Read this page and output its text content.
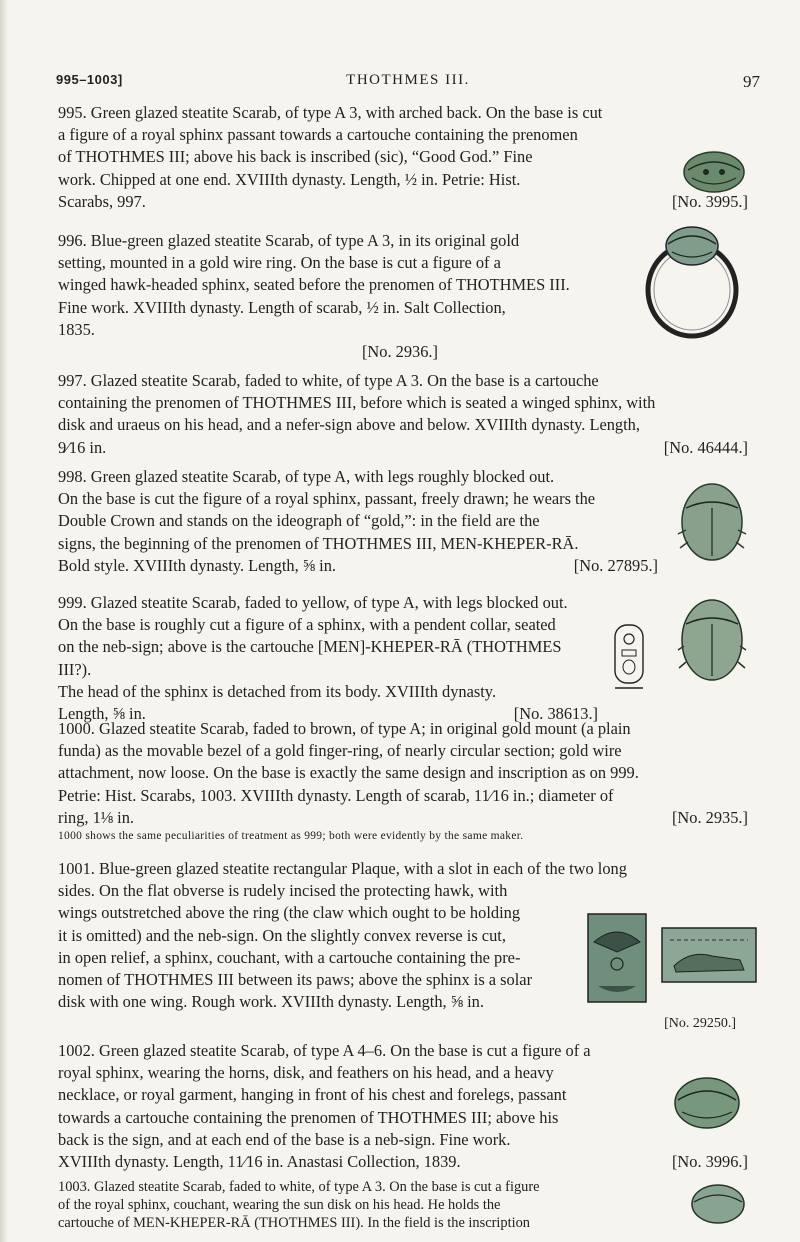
995–1003]	THOTHMES III.	97
995. Green glazed steatite Scarab, of type A 3, with arched back. On the base is cut
a figure of a royal sphinx passant towards a cartouche containing the prenomen
of THOTHMES III; above his back is inscribed (sic), “Good God.” Fine
work. Chipped at one end. XVIIIth dynasty. Length, ½ in. Petrie: Hist.
Scarabs, 997.	[No. 3995.]
996. Blue-green glazed steatite Scarab, of type A 3, in its original gold
setting, mounted in a gold wire ring. On the base is cut a figure of a
winged hawk-headed sphinx, seated before the prenomen of THOTHMES III.
Fine work. XVIIIth dynasty. Length of scarab, ½ in. Salt Collection,
1835.
[No. 2936.]
997. Glazed steatite Scarab, faded to white, of type A 3. On the base is a cartouche
containing the prenomen of THOTHMES III, before which is seated a winged sphinx, with
disk and uraeus on his head, and a nefer-sign above and below. XVIIIth dynasty. Length,
9⁄16 in.	[No. 46444.]
998. Green glazed steatite Scarab, of type A, with legs roughly blocked out.
On the base is cut the figure of a royal sphinx, passant, freely drawn; he wears the
Double Crown and stands on the ideograph of “gold,”: in the field are the
signs, the beginning of the prenomen of THOTHMES III, MEN-KHEPER-RĀ.
Bold style. XVIIIth dynasty. Length, ⅝ in.	[No. 27895.]
999. Glazed steatite Scarab, faded to yellow, of type A, with legs blocked out.
On the base is roughly cut a figure of a sphinx, with a pendent collar, seated
on the neb-sign; above is the cartouche [MEN]-KHEPER-RĀ (THOTHMES III?).
The head of the sphinx is detached from its body. XVIIIth dynasty.
Length, ⅝ in.	[No. 38613.]
1000. Glazed steatite Scarab, faded to brown, of type A; in original gold mount (a plain
funda) as the movable bezel of a gold finger-ring, of nearly circular section; gold wire
attachment, now loose. On the base is exactly the same design and inscription as on 999.
Petrie: Hist. Scarabs, 1003. XVIIIth dynasty. Length of scarab, 11⁄16 in.; diameter of
ring, 1⅛ in.	[No. 2935.]
1000 shows the same peculiarities of treatment as 999; both were evidently by the same maker.
1001. Blue-green glazed steatite rectangular Plaque, with a slot in each of the two long
sides. On the flat obverse is rudely incised the protecting hawk, with
wings outstretched above the ring (the claw which ought to be holding
it is omitted) and the neb-sign. On the slightly convex reverse is cut,
in open relief, a sphinx, couchant, with a cartouche containing the pre-
nomen of THOTHMES III between its paws; above the sphinx is a solar
disk with one wing. Rough work. XVIIIth dynasty. Length, ⅝ in.
[No. 29250.]
1002. Green glazed steatite Scarab, of type A 4–6. On the base is cut a figure of a
royal sphinx, wearing the horns, disk, and feathers on his head, and a heavy
necklace, or royal garment, hanging in front of his chest and forelegs, passant
towards a cartouche containing the prenomen of THOTHMES III; above his
back is the sign, and at each end of the base is a neb-sign. Fine work.
XVIIIth dynasty. Length, 11⁄16 in. Anastasi Collection, 1839.	[No. 3996.]
1003. Glazed steatite Scarab, faded to white, of type A 3. On the base is cut a figure
of the royal sphinx, couchant, wearing the sun disk on his head. He holds the
cartouche of MEN-KHEPER-RĀ (THOTHMES III). In the field is the inscription
